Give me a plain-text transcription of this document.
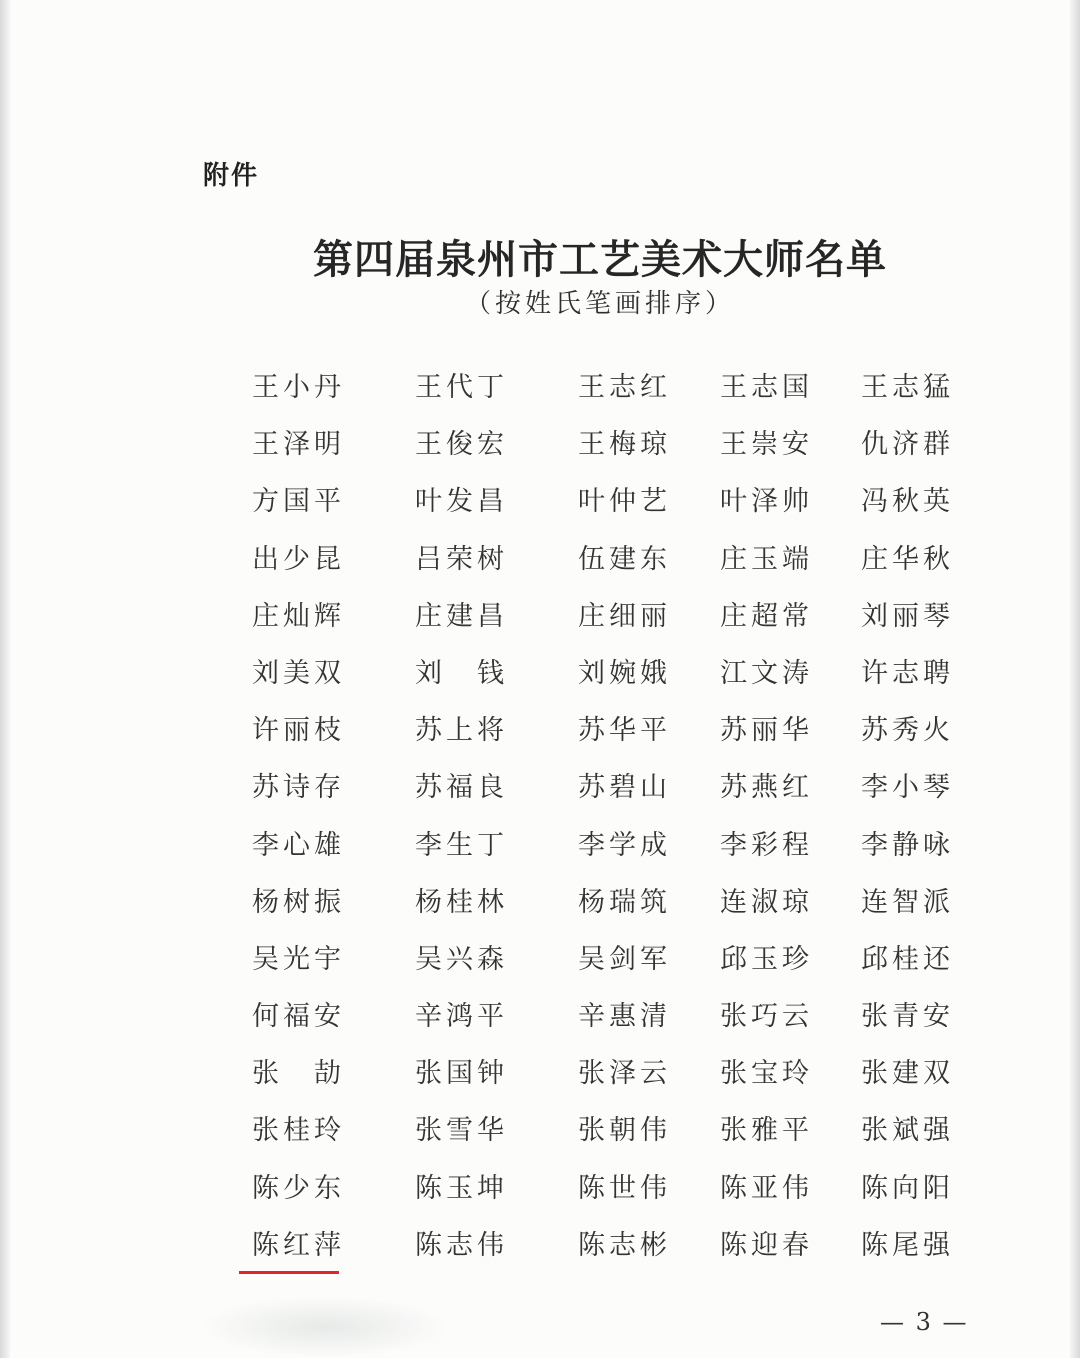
附件
第四届泉州市工艺美术大师名单
（按姓氏笔画排序）
王小丹	王代丁	王志红	王志国	王志猛
王泽明	王俊宏	王梅琼	王崇安	仇济群
方国平	叶发昌	叶仲艺	叶泽帅	冯秋英
出少昆	吕荣树	伍建东	庄玉端	庄华秋
庄灿辉	庄建昌	庄细丽	庄超常	刘丽琴
刘美双	刘　钱	刘婉娥	江文涛	许志聘
许丽枝	苏上将	苏华平	苏丽华	苏秀火
苏诗存	苏福良	苏碧山	苏燕红	李小琴
李心雄	李生丁	李学成	李彩程	李静咏
杨树振	杨桂林	杨瑞筑	连淑琼	连智派
吴光宇	吴兴森	吴剑军	邱玉珍	邱桂还
何福安	辛鸿平	辛惠清	张巧云	张青安
张　劼	张国钟	张泽云	张宝玲	张建双
张桂玲	张雪华	张朝伟	张雅平	张斌强
陈少东	陈玉坤	陈世伟	陈亚伟	陈向阳
陈红萍	陈志伟	陈志彬	陈迎春	陈尾强
— 3 —
